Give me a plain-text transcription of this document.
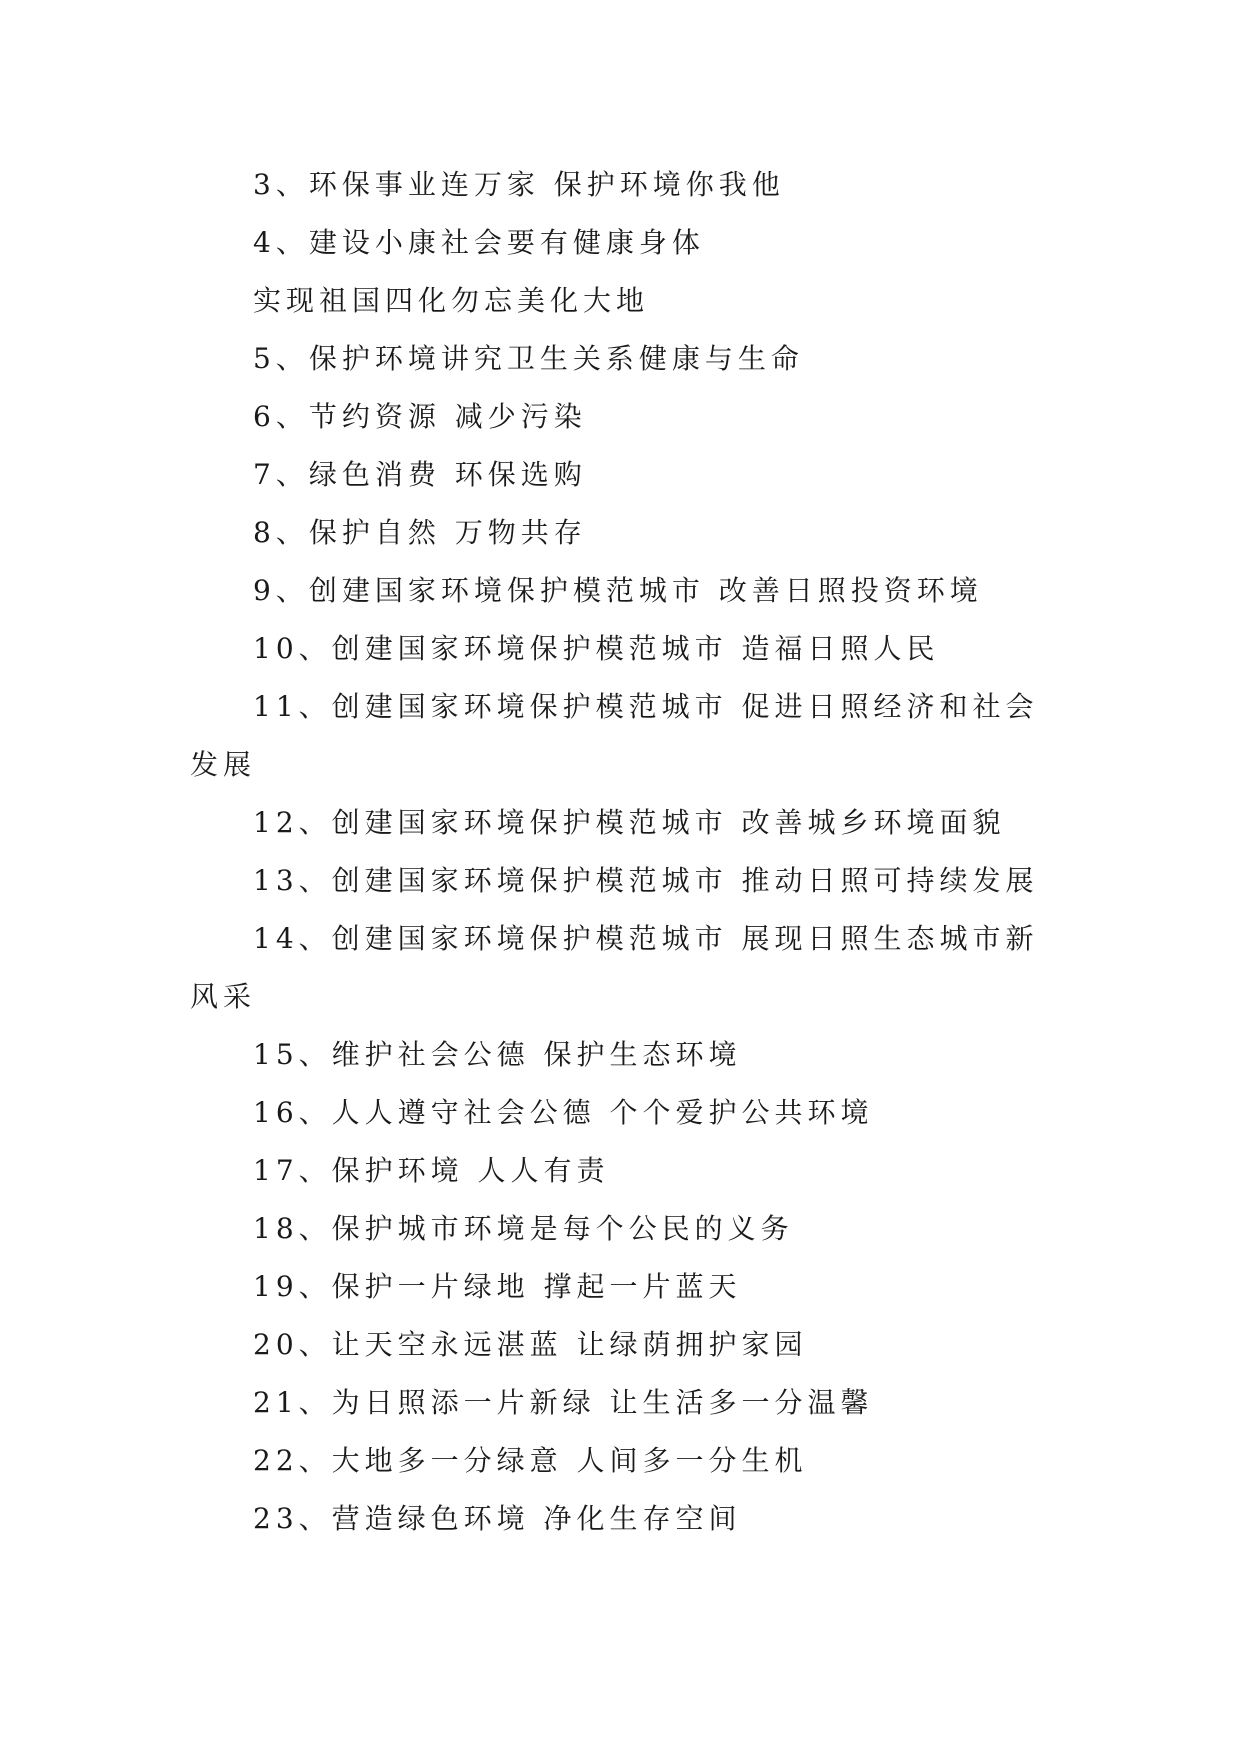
3、环保事业连万家 保护环境你我他
4、建设小康社会要有健康身体
实现祖国四化勿忘美化大地
5、保护环境讲究卫生关系健康与生命
6、节约资源 减少污染
7、绿色消费 环保选购
8、保护自然 万物共存
9、创建国家环境保护模范城市 改善日照投资环境
10、创建国家环境保护模范城市 造福日照人民
11、创建国家环境保护模范城市 促进日照经济和社会
发展
12、创建国家环境保护模范城市 改善城乡环境面貌
13、创建国家环境保护模范城市 推动日照可持续发展
14、创建国家环境保护模范城市 展现日照生态城市新
风采
15、维护社会公德 保护生态环境
16、人人遵守社会公德 个个爱护公共环境
17、保护环境 人人有责
18、保护城市环境是每个公民的义务
19、保护一片绿地 撑起一片蓝天
20、让天空永远湛蓝 让绿荫拥护家园
21、为日照添一片新绿 让生活多一分温馨
22、大地多一分绿意 人间多一分生机
23、营造绿色环境 净化生存空间
